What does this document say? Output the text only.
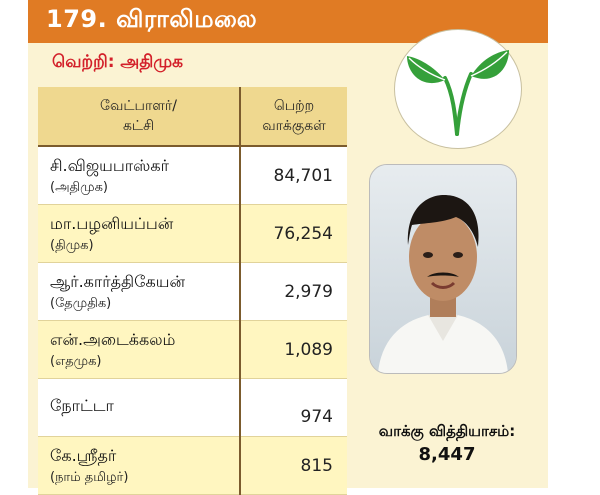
179. விராலிமலை
வெற்றி: அதிமுக
வேட்பாளர்/
கட்சி	பெற்ற
வாக்குகள்

சி.விஜயபாஸ்கர்
(அதிமுக)	84,701

மா.பழனியப்பன்
(திமுக)	76,254

ஆர்.கார்த்திகேயன்
(தேமுதிக)	2,979

என்.அடைக்கலம்
(எதமுக)	1,089

நோட்டா	974

கே.ஶ்ரீதர்
(நாம் தமிழர்)	815
வாக்கு வித்தியாசம்:
8,447
